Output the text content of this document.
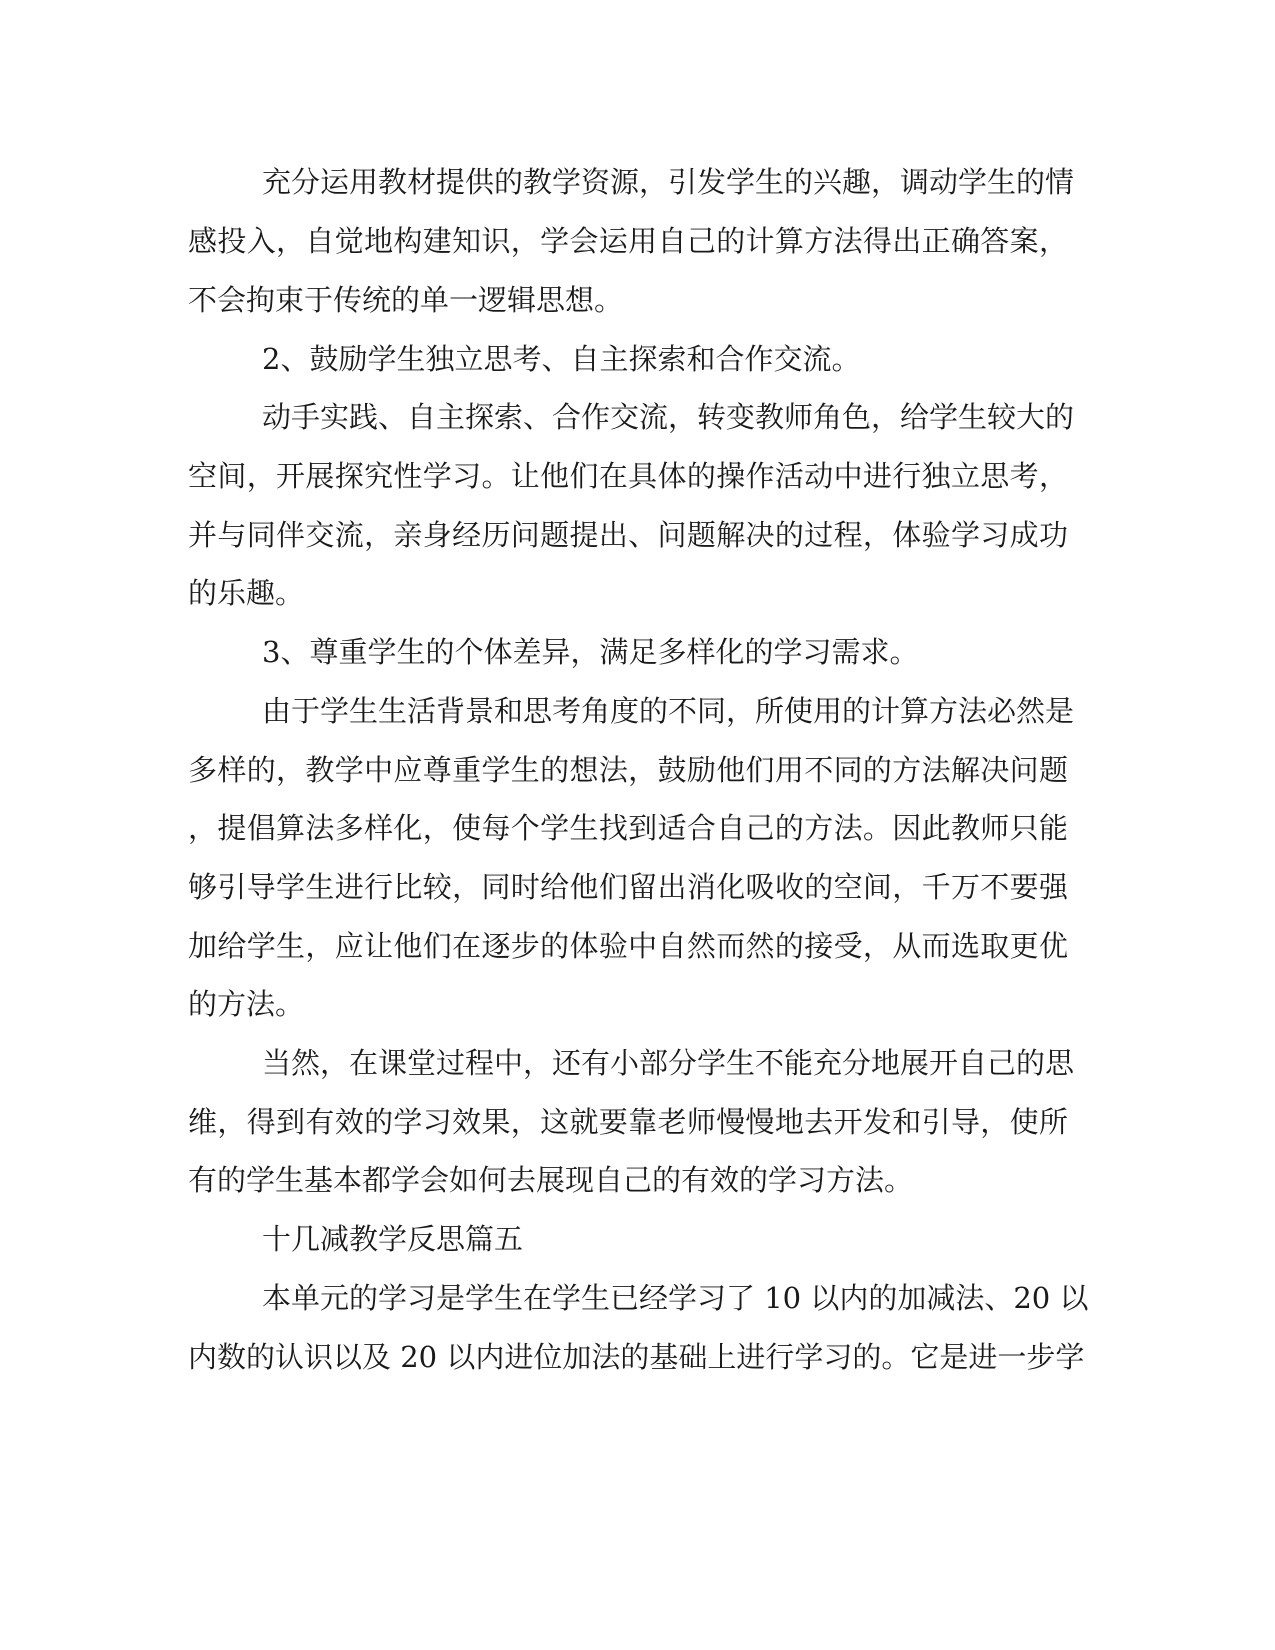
充分运用教材提供的教学资源，引发学生的兴趣，调动学生的情
感投入，自觉地构建知识，学会运用自己的计算方法得出正确答案，
不会拘束于传统的单一逻辑思想。
2、鼓励学生独立思考、自主探索和合作交流。
动手实践、自主探索、合作交流，转变教师角色，给学生较大的
空间，开展探究性学习。让他们在具体的操作活动中进行独立思考，
并与同伴交流，亲身经历问题提出、问题解决的过程，体验学习成功
的乐趣。
3、尊重学生的个体差异，满足多样化的学习需求。
由于学生生活背景和思考角度的不同，所使用的计算方法必然是
多样的，教学中应尊重学生的想法，鼓励他们用不同的方法解决问题
，提倡算法多样化，使每个学生找到适合自己的方法。因此教师只能
够引导学生进行比较，同时给他们留出消化吸收的空间，千万不要强
加给学生，应让他们在逐步的体验中自然而然的接受，从而选取更优
的方法。
当然，在课堂过程中，还有小部分学生不能充分地展开自己的思
维，得到有效的学习效果，这就要靠老师慢慢地去开发和引导，使所
有的学生基本都学会如何去展现自己的有效的学习方法。
十几减教学反思篇五
本单元的学习是学生在学生已经学习了 10 以内的加减法、20 以
内数的认识以及 20 以内进位加法的基础上进行学习的。它是进一步学
